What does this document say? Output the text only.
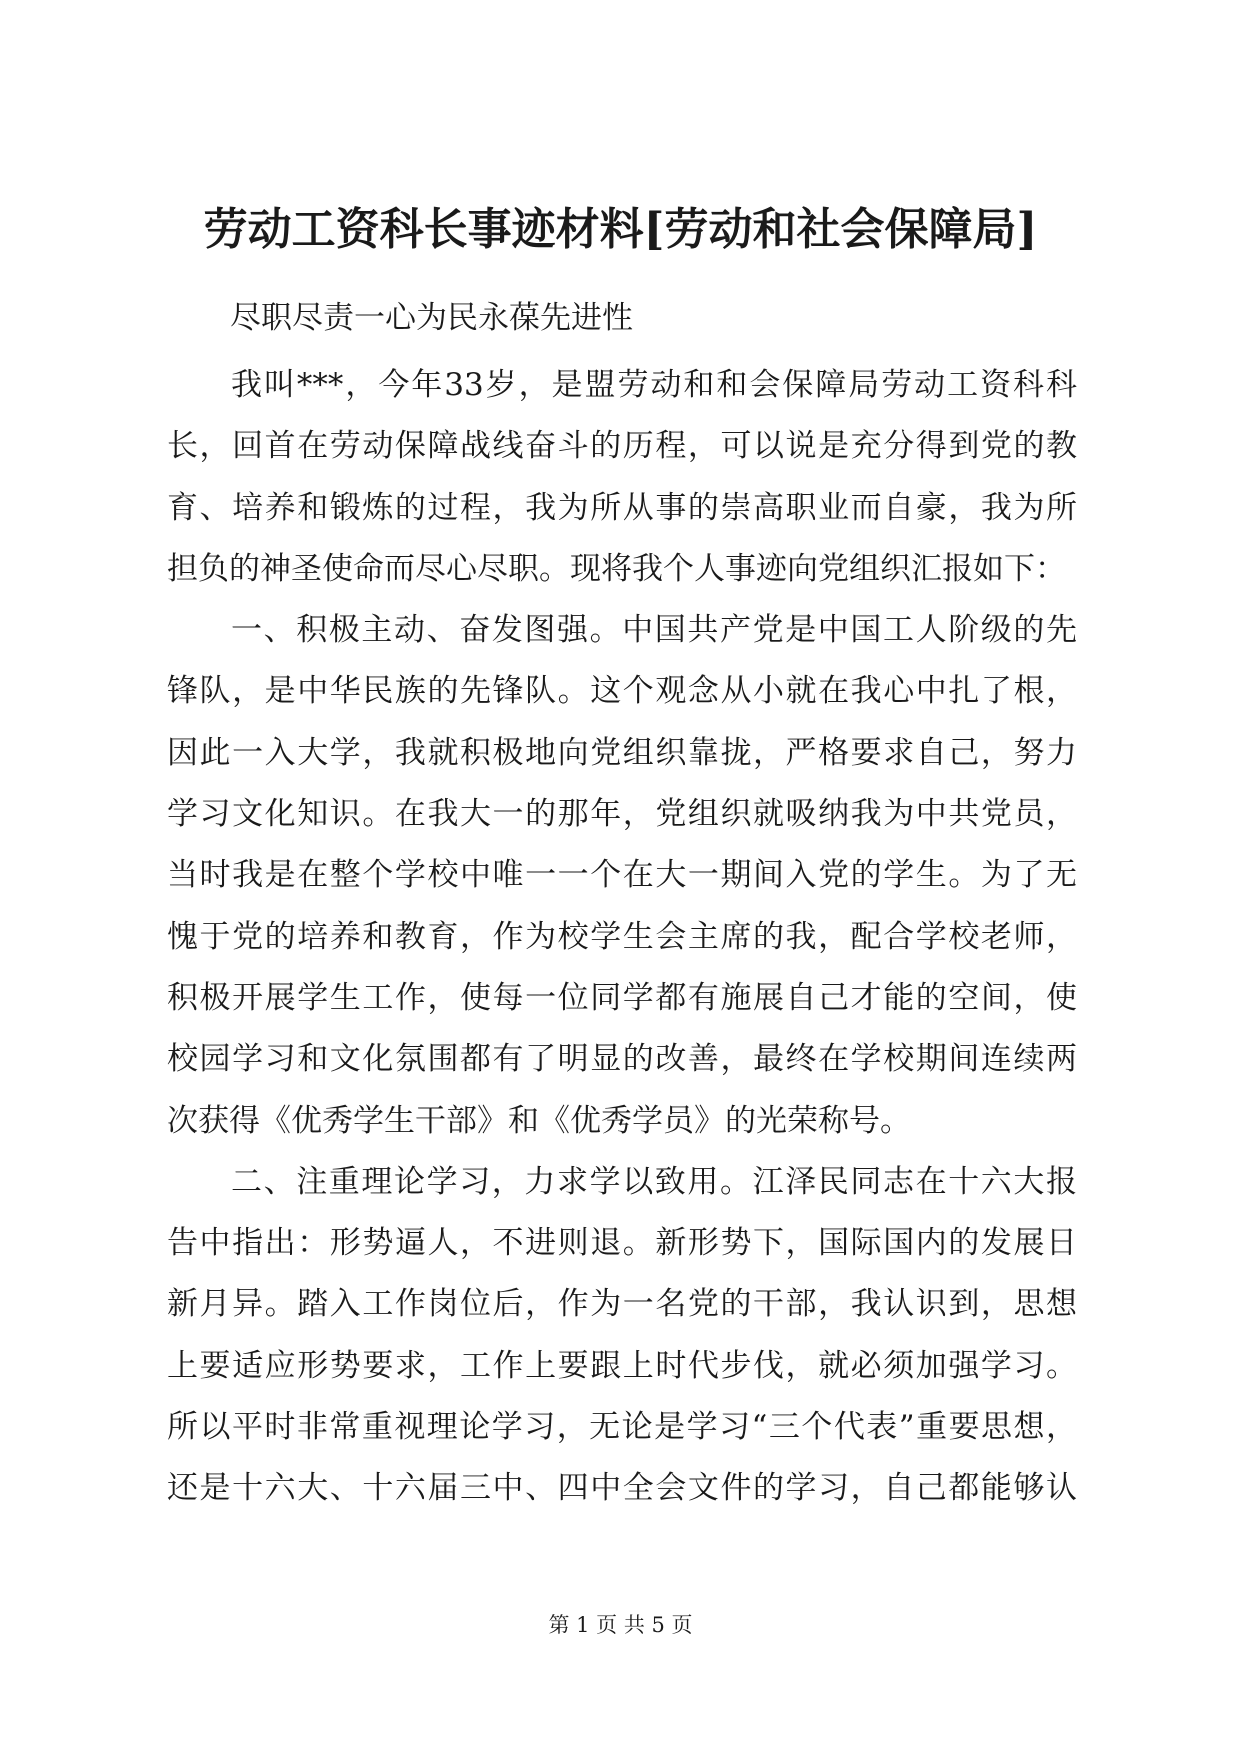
劳动工资科长事迹材料[劳动和社会保障局]
尽职尽责一心为民永葆先进性
我叫***，今年33岁，是盟劳动和和会保障局劳动工资科科
长，回首在劳动保障战线奋斗的历程，可以说是充分得到党的教
育、培养和锻炼的过程，我为所从事的崇高职业而自豪，我为所
担负的神圣使命而尽心尽职。现将我个人事迹向党组织汇报如下：
一、积极主动、奋发图强。中国共产党是中国工人阶级的先
锋队，是中华民族的先锋队。这个观念从小就在我心中扎了根，
因此一入大学，我就积极地向党组织靠拢，严格要求自己，努力
学习文化知识。在我大一的那年，党组织就吸纳我为中共党员，
当时我是在整个学校中唯一一个在大一期间入党的学生。为了无
愧于党的培养和教育，作为校学生会主席的我，配合学校老师，
积极开展学生工作，使每一位同学都有施展自己才能的空间，使
校园学习和文化氛围都有了明显的改善，最终在学校期间连续两
次获得《优秀学生干部》和《优秀学员》的光荣称号。
二、注重理论学习，力求学以致用。江泽民同志在十六大报
告中指出：形势逼人，不进则退。新形势下，国际国内的发展日
新月异。踏入工作岗位后，作为一名党的干部，我认识到，思想
上要适应形势要求，工作上要跟上时代步伐，就必须加强学习。
所以平时非常重视理论学习，无论是学习“三个代表”重要思想，
还是十六大、十六届三中、四中全会文件的学习，自己都能够认
第 1 页 共 5 页
